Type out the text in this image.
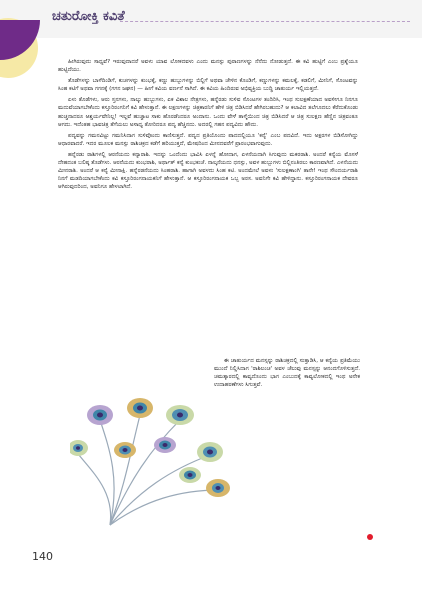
ಚತುರೋಕ್ತಿ ಕವಿತೆ

ಹೀಗಿರುವುದು ಸಾಧ್ಯವೆ? ಇರುವುದಾದರೆ ಅವಳು ಯಾವ ಲೋಕದವಳು ಎಂದು ಮನಸ್ಸು ಪುರಾಣಗಳನ್ನು ನೆನೆದು ನೋಡುತ್ತದೆ. ಈ ಕವಿ ಹುಟ್ಟಿಗೆ ಎಂಬ ಪ್ರಶ್ನೆಯೂ ಹುಟ್ಟಿದೆಯು.

ತೊಡೆಗಳನ್ನು ಬಾಳೆದಿಂಡಿಗೆ, ಕುಚಗಳನ್ನು ಕುಂಭಕ್ಕೆ, ಕಣ್ಣು ಹುಬ್ಬುಗಳನ್ನು ಬಿಲ್ಲಿಗೆ ಅಥವಾ ಚೇಳಿನ ಕೊಂಡಿಗೆ, ಕಣ್ಣುಗಳನ್ನು ಕಮಲಕ್ಕೆ, ಕಡಲಿಗೆ, ಮೀನಿಗೆ, ಸೊಂಟವನ್ನು ಸಿಂಹ ಕಟಿಗೆ ಅಥವಾ ಗಗನಕ್ಕೆ (ಗಗನ ಜಘನ) — ಹೀಗೆ ಕವಿಯ ವರ್ಣನೆ ಸಾಗಿದೆ. ಈ ಕವಿಯ ಹಿಂದಿರುವ ಅಭಿವ್ಯಕ್ತಿಯ ಬುದ್ಧಿ ಚಾತುರ್ಯ ಇಲ್ಲಿಯತ್ತದೆ.

ಏಳು ತೊಡೆಗಳು, ಆರು ಸ್ತನಗಳು, ನಾಲ್ಕು ಹುಬ್ಬುಗಳು, ಏಕ ವಿಶಾಲ ನೇತ್ರಗಳು, ಹನ್ನೆರಡು ಸುಳಿವ ಸೊಂಟಗಳ ತಂದಿರಿಸಿ, ಇಂಥ ಸುಲಕ್ಷಣೆಯಾದ ಅವಳೀಗೂ ನಿನಗೂ ಮದುವೆಯಾಗಬೇಕೆಂದು ಕಸ್ತೂರಿರಂಗನಿಗೆ ಕವಿ ಹೇಳುತ್ತಾನೆ. ಈ ಲಕ್ಷಣಗಳನ್ನು ಚಿತ್ರಕಾರನಿಗೆ ಹೇಳಿ ಚಿತ್ರ ಬಿಡಿಸಿದರೆ ಹೇಗಿರಬಹುದು? ಆ ಕಲಾವಿದ ತಲೆಗೂದಲು ಕೆರೆದುಕೊಂಡು ಹುಚ್ಚನಾದರೂ ಆಶ್ಚರ್ಯವೇನಿಲ್ಲ! ಇಲ್ಲವೆ ಹುಚ್ಚಾಟ ಸಾಕು ಹೊರಡೆಂದರೂ ಅಂದಾನು. ಒಂದು ವೇಳೆ ತಾಳ್ಮೆಯಿಂದ ಚಿತ್ರ ಬಿಡಿಸಿದರೆ ಆ ಚಿತ್ರ ಸುಲಕ್ಷಣ ಹೆಣ್ಣಿನ ಚಿತ್ರವಂತೂ ಆಗದು. ಇದೆಂತಹ ಭಾವಚಿತ್ರ ತೆಗೆಯಲು ಅಸಾಧ್ಯ ತೋರಿದರೂ ಪದ್ಯ ಹೆಚ್ಚಿನದು. ಅದರಲ್ಲಿ ಗಹನ ಪದ್ಯವಿದು ಹೌದು.

ಪದ್ಯವನ್ನು ಗಮನವಿಟ್ಟು ಗಮನಿಸಿದಾಗ ಸುಳಿವೊಂದು ಕಾಣಿಸುತ್ತದೆ. ಪದ್ಯದ ಪ್ರತಿಯೊಂದು ಪಾದದಲ್ಲಿಯೂ 'ಕನ್ಯೆ' ಎಂಬ ಪದವಿದೆ. ಇದು ಅಕ್ಷರಗಳ ಬಿಡಿಸೋಗಿದ್ದು ಆಧಾರವಾದರೆ. ಇದರ ಮೂಲಕ ಮನಸ್ಸು ರಾಶಿಚಕ್ರದ ಕಡೆಗೆ ಹರಿಯುತ್ತದೆ, ಮೇಷದಿಂದ ಮೀನದವರೆಗೆ ಪ್ರಾರಂಭವಾಗುವುದು.

ಹನ್ನೆರಡು ರಾಶಿಗಳಲ್ಲಿ ಆರನೆಯದು ಕನ್ಯಾರಾಶಿ. ಇದನ್ನು ಒಂದೆಂದು ಭಾವಿಸಿ ಏಳನ್ನೆ ಹೋದಾಗ, ಏಳನೆಯದಾಗಿ ಸಿಗುವುದು ಮಕರರಾಶಿ. ಅಂದರೆ ಕನ್ಯೆಯ ಮೊಸಳೆ ದೇಹದಂತ ಬಲಿಷ್ಠ ತೊಡೆಗಳು. ಆರನೆಯದು ಕುಂಭರಾಶಿ, ಅರ್ಥಾತ್ ಕನ್ಯೆ ಕುಂಭಕುಚೆ. ನಾಲ್ಕನೆಯದು ಧನಸ್ಸು, ಅವಳ ಹುಬ್ಬುಗಳು ಬಿಲ್ಲಿನಂತಿರಲು ಕಾರಣವಾಗಿದೆ. ಎಳನೆಯದು ಮೀನರಾಶಿ. ಅಂದರೆ ಆ ಕನ್ಯೆ ಮೀನಾಕ್ಷಿ. ಹನ್ನೆರಡನೆಯದು ಸಿಂಹರಾಶಿ. ಹಾಗಾಗಿ ಅವಳದು ಸಿಂಹ ಕಟಿ. ಅಂದಮೇಲೆ ಅವಳು 'ಸುಲಕ್ಷಣಾಂಗಿ' ತಾನೇ! ಇಂಥ ಸೌಂದರ್ಯರಾಶಿ ನಿನಗೆ ಮಡದಿಯಾಗಬೇಕೆಂದು ಕವಿ ಕಸ್ತೂರಿರಂಗನಾಯಕನಿಗೆ ಹೇಳುತ್ತಾನೆ. ಆ ಕಸ್ತೂರಿರಂಗನಾಯಕ ಒಬ್ಬ ಅರಸ. ಅವನಿಗೇ ಕವಿ ಹೇಳಿದ್ದಾನು. ಕಸ್ತೂರಿರಂಗನಾಯಕ ದೇವರೂ ಆಗಿರುವುದರಿಂದ, ಅವನಿಗೂ ಹೇಳಲಾಗಿದೆ.

ಈ ಚಾತುರ್ಯದ ಮನಸ್ಸನ್ನು ರಾಶಿಚಕ್ರದಲ್ಲಿ ಸುತ್ತಾಡಿಸಿ, ಆ ಕನ್ಯೆಯ ಪ್ರತಿಮೆಯು ಮುಂದೆ ನಿಲ್ಲಿಸಿದಾಗ 'ರಾಶಿಲಂಚ' ಅವಳ ಚೆಲುವು ಮನಸ್ಸನ್ನು ಆನಂದಗೊಳಿಸುತ್ತದೆ. ಚಮತ್ಕಾರದಲ್ಲಿ ಕಾವ್ಯದೊಂದು ಭಾಗ ಎಂಬುದಕ್ಕೆ ಕಾವ್ಯಲೋಕದಲ್ಲಿ ಇಂಥ ಅನೇಕ ಉದಾಹರಣೆಗಳು ಸಿಗುತ್ತವೆ.

140
